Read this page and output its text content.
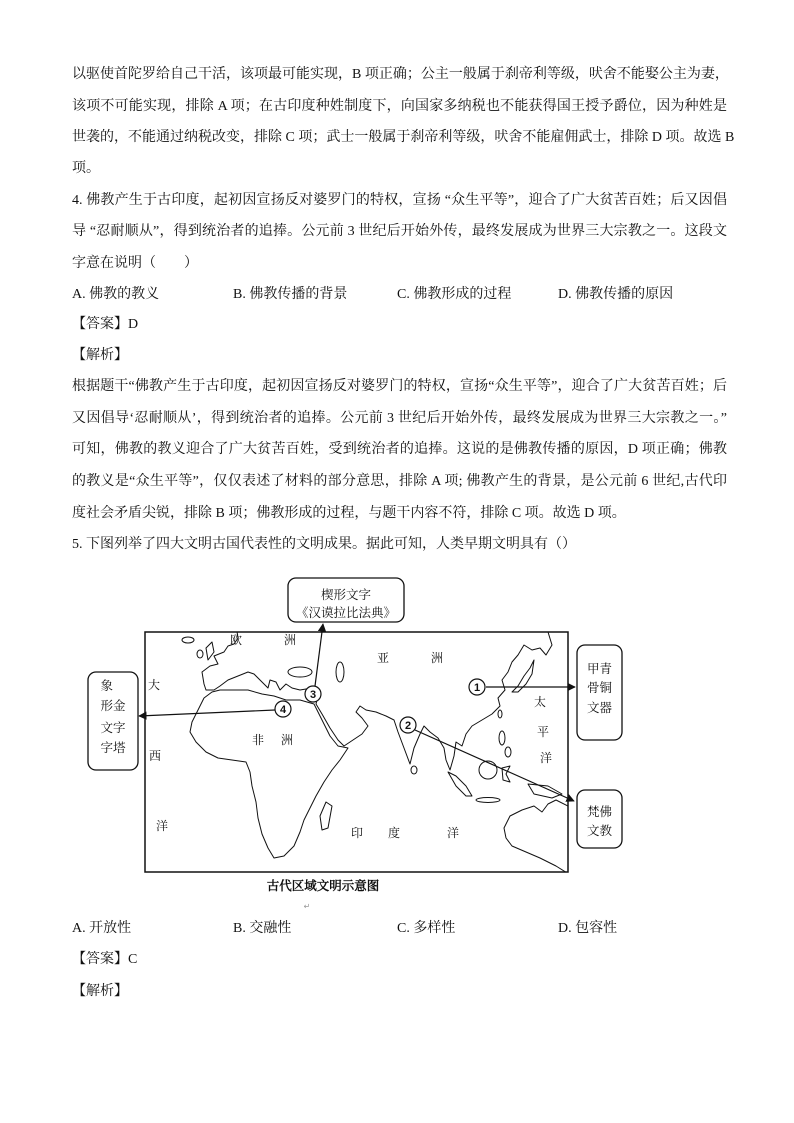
以驱使首陀罗给自己干活，该项最可能实现，B 项正确；公主一般属于刹帝利等级，吠舍不能娶公主为妻，
该项不可能实现，排除 A 项；在古印度种姓制度下，向国家多纳税也不能获得国王授予爵位，因为种姓是
世袭的，不能通过纳税改变，排除 C 项；武士一般属于刹帝利等级，吠舍不能雇佣武士，排除 D 项。故选 B
项。
4. 佛教产生于古印度，起初因宣扬反对婆罗门的特权，宣扬 “众生平等”，迎合了广大贫苦百姓；后又因倡
导 “忍耐顺从”，得到统治者的追捧。公元前 3 世纪后开始外传，最终发展成为世界三大宗教之一。这段文
字意在说明（　　）
A. 佛教的教义	B. 佛教传播的背景	C. 佛教形成的过程	D. 佛教传播的原因
【答案】D
【解析】
根据题干“佛教产生于古印度，起初因宣扬反对婆罗门的特权，宣扬“众生平等”，迎合了广大贫苦百姓；后
又因倡导‘忍耐顺从’，得到统治者的追捧。公元前 3 世纪后开始外传，最终发展成为世界三大宗教之一。”
可知，佛教的教义迎合了广大贫苦百姓，受到统治者的追捧。这说的是佛教传播的原因，D 项正确；佛教
的教义是“众生平等”，仅仅表述了材料的部分意思，排除 A 项; 佛教产生的背景，是公元前 6 世纪,古代印
度社会矛盾尖锐，排除 B 项；佛教形成的过程，与题干内容不符，排除 C 项。故选 D 项。
5. 下图列举了四大文明古国代表性的文明成果。据此可知，人类早期文明具有（）
欧	洲
亚	洲
大
西
洋
非 洲
印 度	洋
太
平
洋
1
2
3
4
楔形文字
《汉谟拉比法典》
象
形金
文字
字塔
甲青
骨铜
文器
梵佛
文教
古代区域文明示意图
↵
A. 开放性	B. 交融性	C. 多样性	D. 包容性
【答案】C
【解析】
